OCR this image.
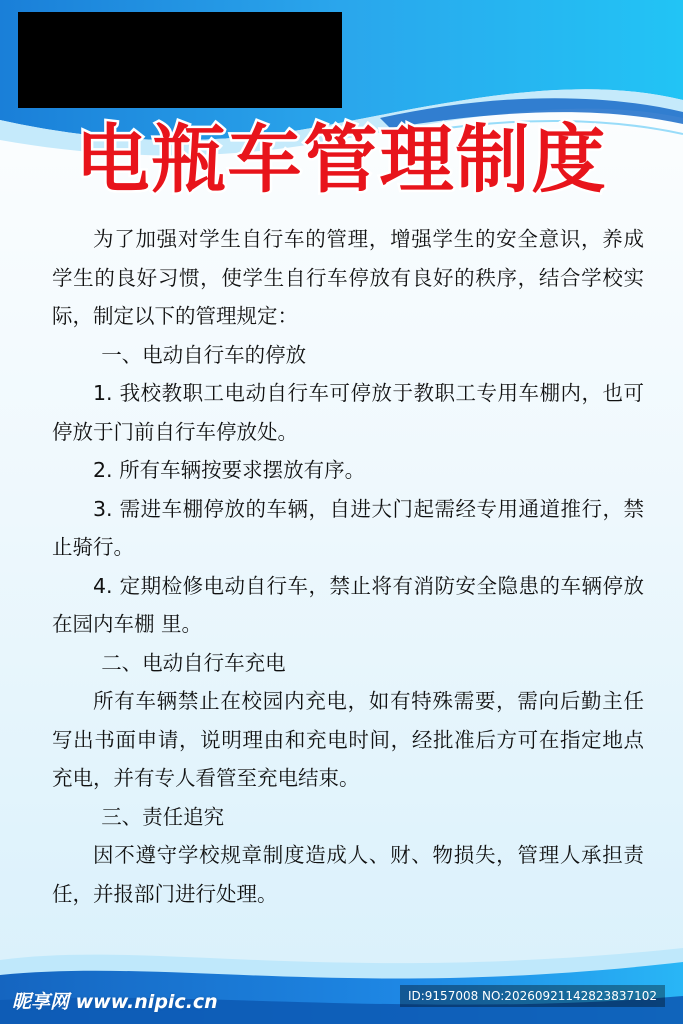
电瓶车管理制度

为了加强对学生自行车的管理，增强学生的安全意识，养成学生的良好习惯，使学生自行车停放有良好的秩序，结合学校实际，制定以下的管理规定：

一、电动自行车的停放

1. 我校教职工电动自行车可停放于教职工专用车棚内，也可停放于门前自行车停放处。

2. 所有车辆按要求摆放有序。

3. 需进车棚停放的车辆，自进大门起需经专用通道推行，禁止骑行。

4. 定期检修电动自行车，禁止将有消防安全隐患的车辆停放在园内车棚 里。

二、电动自行车充电

所有车辆禁止在校园内充电，如有特殊需要，需向后勤主任写出书面申请，说明理由和充电时间，经批准后方可在指定地点充电，并有专人看管至充电结束。

三、责任追究

因不遵守学校规章制度造成人、财、物损失，管理人承担责任，并报部门进行处理。

昵享网 www.nipic.cn	ID:9157008 NO:20260921142823837102
